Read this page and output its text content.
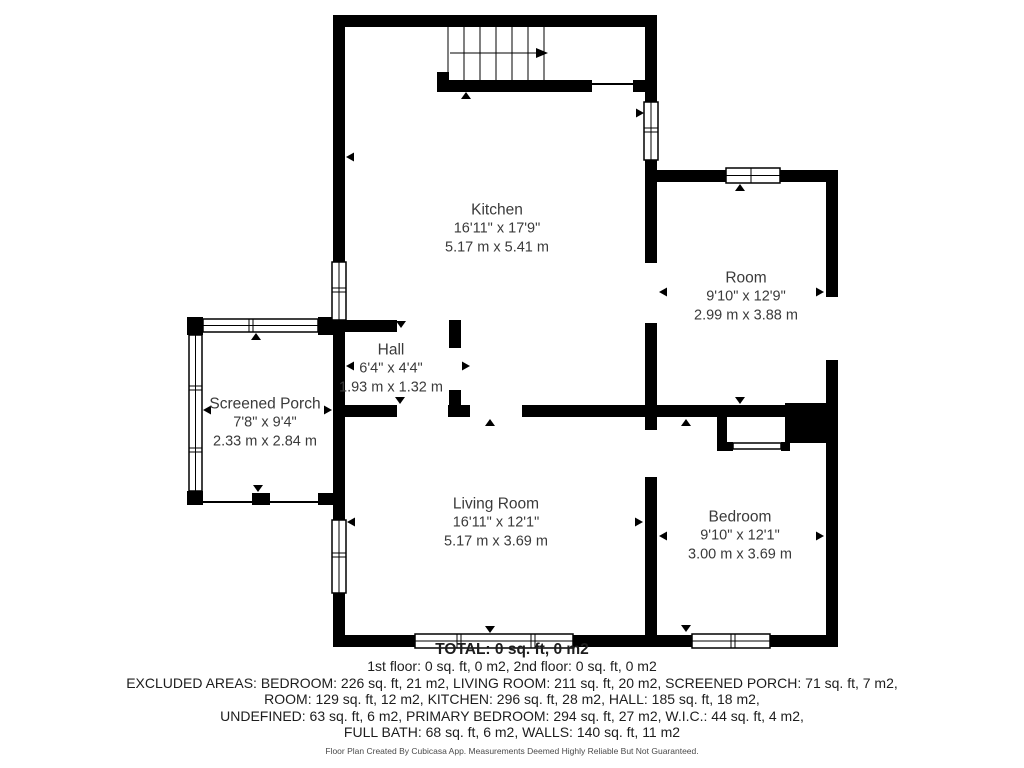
Kitchen
16'11" x 17'9"
5.17 m x 5.41 m
Room
9'10" x 12'9"
2.99 m x 3.88 m
Hall
6'4" x 4'4"
1.93 m x 1.32 m
Screened Porch
7'8" x 9'4"
2.33 m x 2.84 m
Living Room
16'11" x 12'1"
5.17 m x 3.69 m
Bedroom
9'10" x 12'1"
3.00 m x 3.69 m
TOTAL: 0 sq. ft, 0 m2
1st floor: 0 sq. ft, 0 m2, 2nd floor: 0 sq. ft, 0 m2
EXCLUDED AREAS: BEDROOM: 226 sq. ft, 21 m2, LIVING ROOM: 211 sq. ft, 20 m2, SCREENED PORCH: 71 sq. ft, 7 m2,
ROOM: 129 sq. ft, 12 m2, KITCHEN: 296 sq. ft, 28 m2, HALL: 185 sq. ft, 18 m2,
UNDEFINED: 63 sq. ft, 6 m2, PRIMARY BEDROOM: 294 sq. ft, 27 m2, W.I.C.: 44 sq. ft, 4 m2,
FULL BATH: 68 sq. ft, 6 m2, WALLS: 140 sq. ft, 11 m2
Floor Plan Created By Cubicasa App. Measurements Deemed Highly Reliable But Not Guaranteed.
